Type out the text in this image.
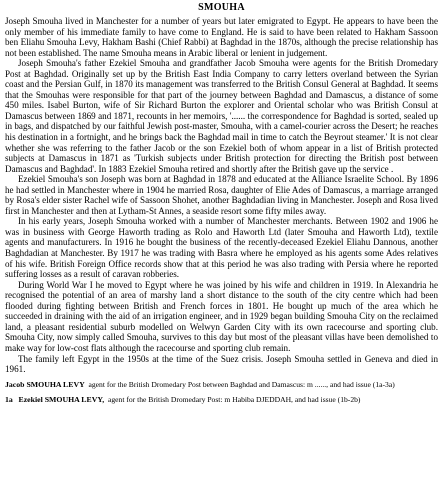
SMOUHA

Joseph Smouha lived in Manchester for a number of years but later emigrated to Egypt. He appears to have been the only member of his immediate family to have come to England. He is said to have been related to Hakham Sassoon ben Eliahu Smouha Levy, Hakham Bashi (Chief Rabbi) at Baghdad in the 1870s, although the precise relationship has not been established. The name Smouha means in Arabic liberal or lenient in judgement.

Joseph Smouha's father Ezekiel Smouha and grandfather Jacob Smouha were agents for the British Dromedary Post at Baghdad. Originally set up by the British East India Company to carry letters overland between the Syrian coast and the Persian Gulf, in 1870 its management was transferred to the British Consul General at Baghdad. It seems that the Smouhas were responsible for that part of the journey between Baghdad and Damascus, a distance of some 450 miles. Isabel Burton, wife of Sir Richard Burton the explorer and Oriental scholar who was British Consul at Damascus between 1869 and 1871, recounts in her memoirs, '...... the correspondence for Baghdad is sorted, sealed up in bags, and dispatched by our faithful Jewish post-master, Smouha, with a camel-courier across the Desert; he reaches his destination in a fortnight, and he brings back the Baghdad mail in time to catch the Beyrout steamer.' It is not clear whether she was referring to the father Jacob or the son Ezekiel both of whom appear in a list of British protected subjects at Damascus in 1871 as 'Turkish subjects under British protection for directing the British post between Damascus and Baghdad'. In 1883 Ezekiel Smouha retired and shortly after the British gave up the service .

Ezekiel Smouha's son Joseph was born at Baghdad in 1878 and educated at the Alliance Israelite School. By 1896 he had settled in Manchester where in 1904 he married Rosa, daughter of Elie Ades of Damascus, a marriage arranged by Rosa's elder sister Rachel wife of Sassoon Shohet, another Baghdadian living in Manchester. Joseph and Rosa lived first in Manchester and then at Lytham-St Annes, a seaside resort some fifty miles away.

In his early years, Joseph Smouha worked with a number of Manchester merchants. Between 1902 and 1906 he was in business with George Haworth trading as Rolo and Haworth Ltd (later Smouha and Haworth Ltd), textile agents and manufacturers. In 1916 he bought the business of the recently-deceased Ezekiel Eliahu Dannous, another Baghdadian at Manchester. By 1917 he was trading with Basra where he employed as his agents some Ades relatives of his wife. British Foreign Office records show that at this period he was also trading with Persia where he reported suffering losses as a result of caravan robberies.

During World War I he moved to Egypt where he was joined by his wife and children in 1919. In Alexandria he recognised the potential of an area of marshy land a short distance to the south of the city centre which had been flooded during fighting between British and French forces in 1801. He bought up much of the area which he succeeded in draining with the aid of an irrigation engineer, and in 1929 began building Smouha City on the reclaimed land, a pleasant residential suburb modelled on Welwyn Garden City with its own racecourse and sporting club. Smouha City, now simply called Smouha, survives to this day but most of the pleasant villas have been demolished to make way for low-cost flats although the racecourse and sporting club remain.

The family left Egypt in the 1950s at the time of the Suez crisis. Joseph Smouha settled in Geneva and died in 1961.

Jacob SMOUHA LEVY agent for the British Dromedary Post between Baghdad and Damascus: m ......, and had issue (1a-3a)
1a Ezekiel SMOUHA LEVY, agent for the British Dromedary Post: m Habiba DJEDDAH, and had issue (1b-2b)
